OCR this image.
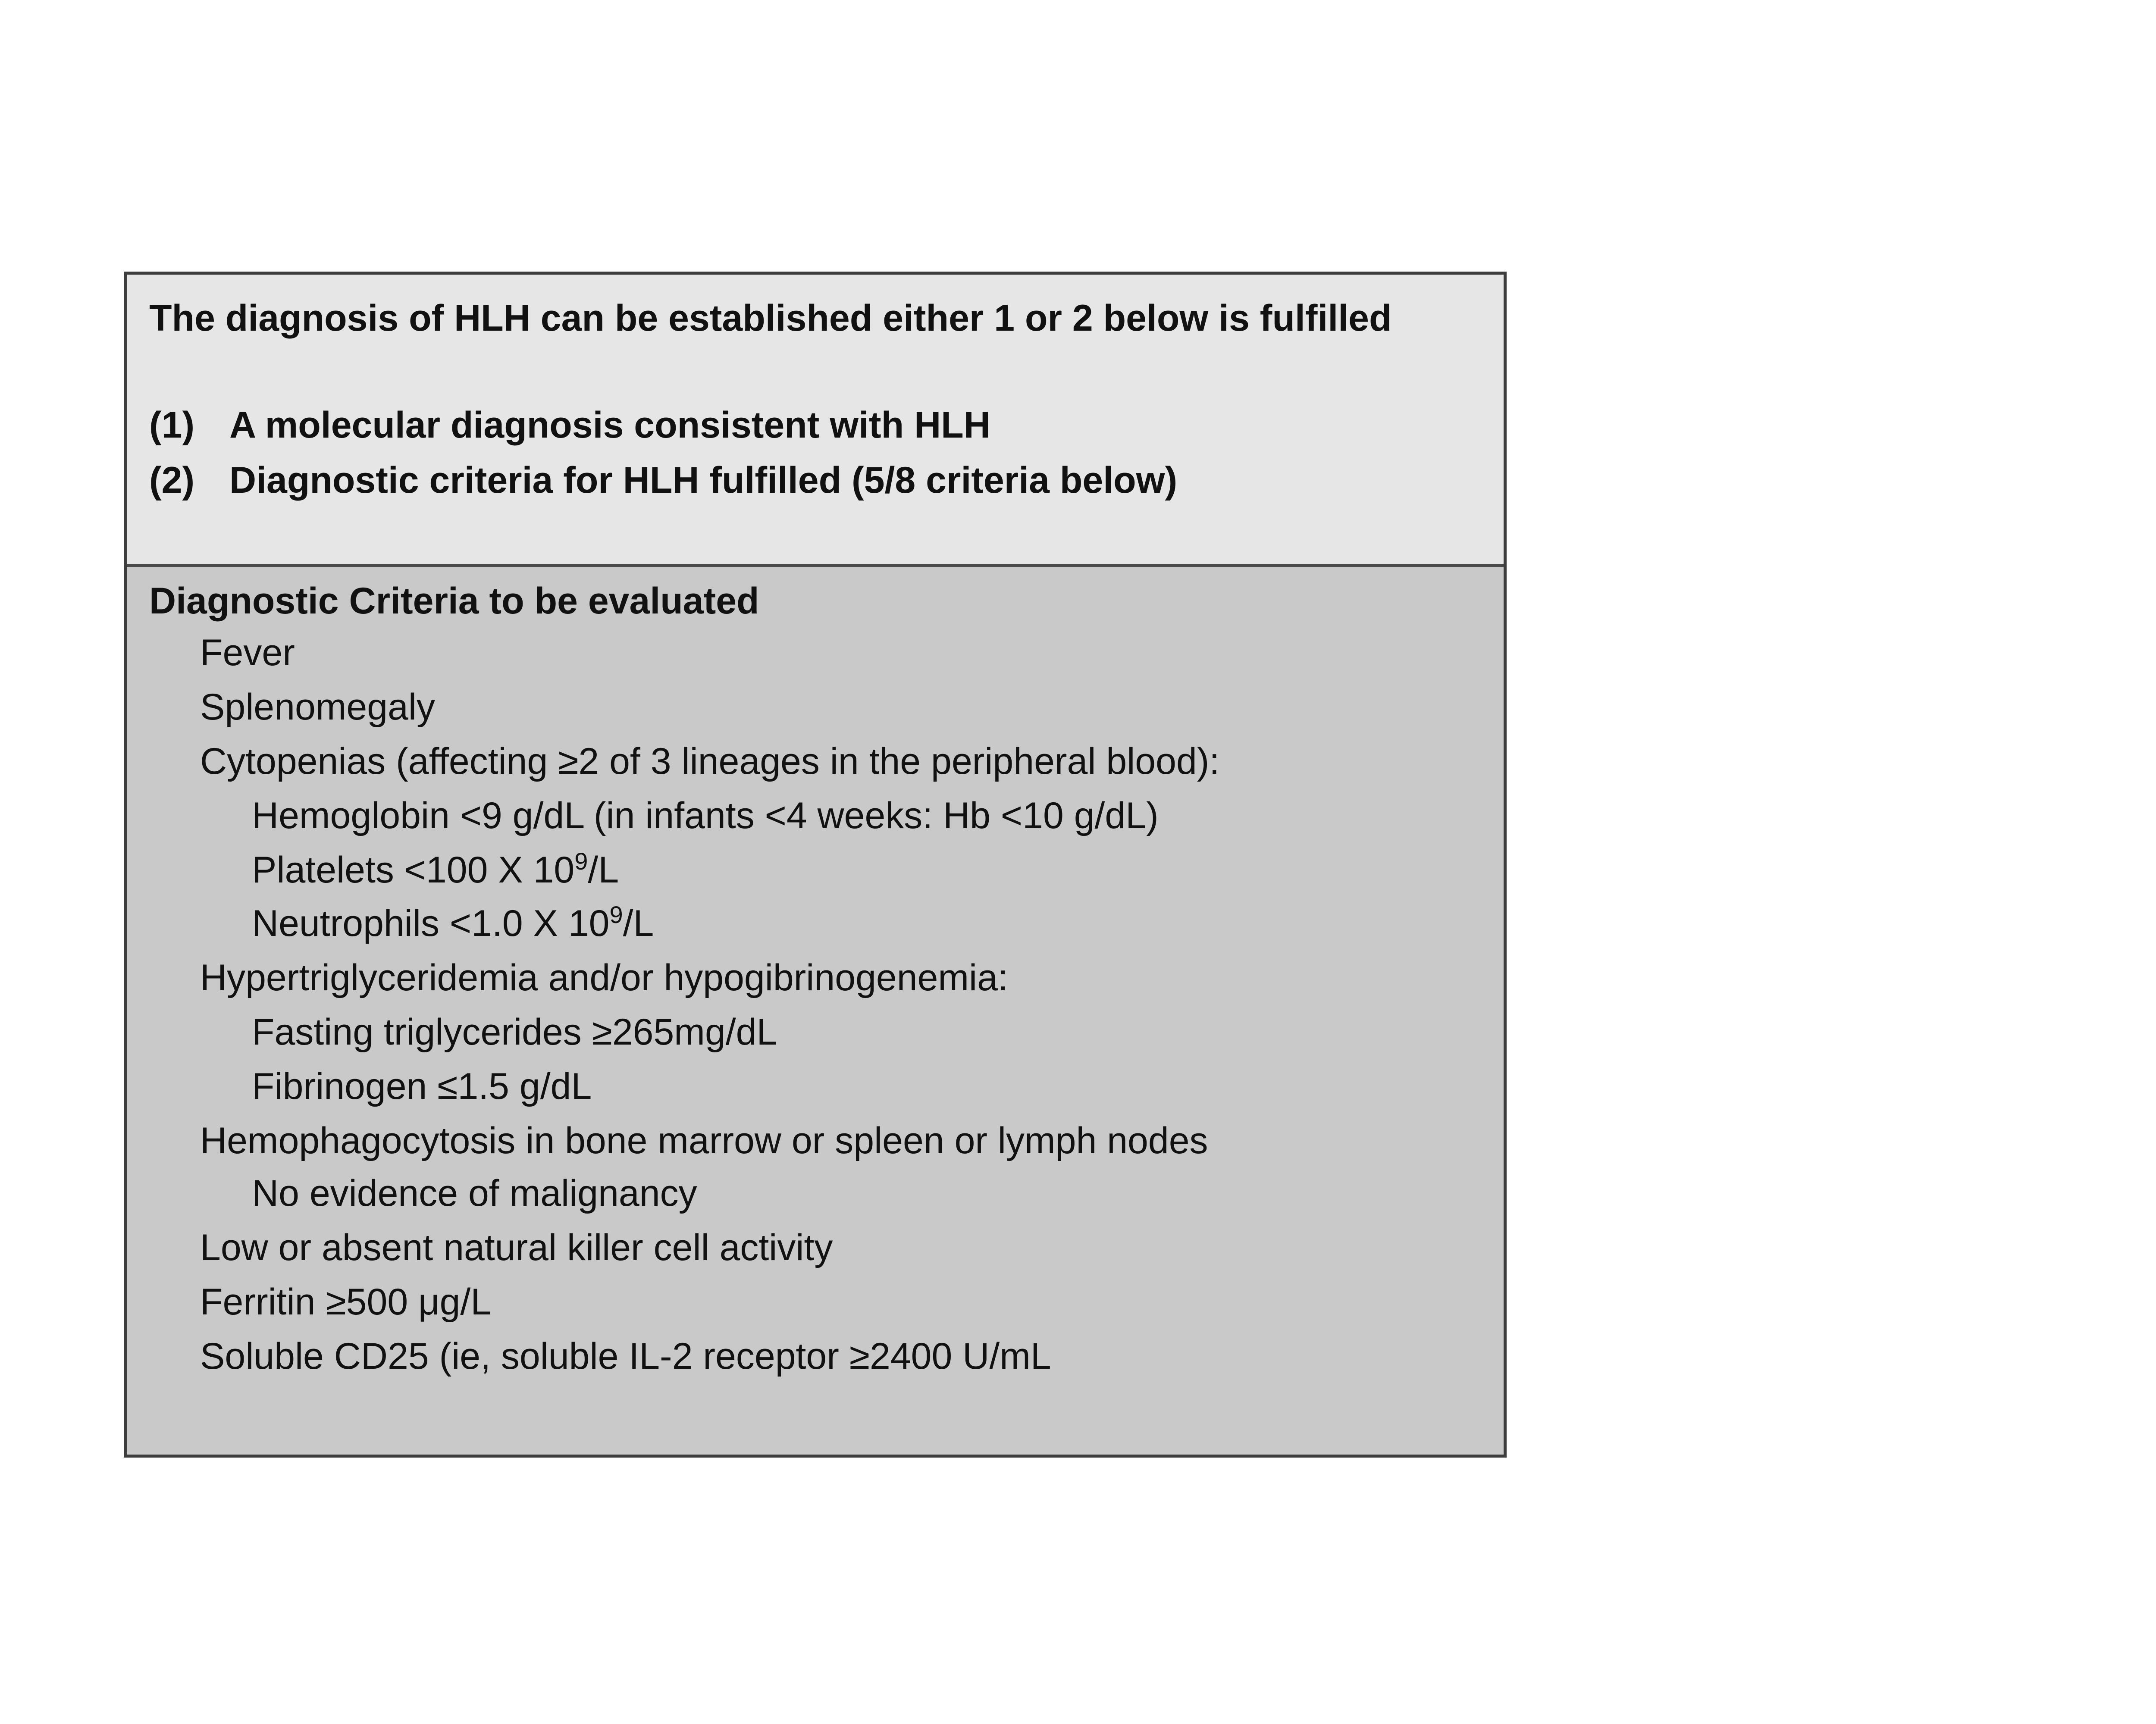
The diagnosis of HLH can be established either 1 or 2 below is fulfilled
(1) A molecular diagnosis consistent with HLH
(2) Diagnostic criteria for HLH fulfilled (5/8 criteria below)
Diagnostic Criteria to be evaluated
Fever
Splenomegaly
Cytopenias (affecting ≥2 of 3 lineages in the peripheral blood):
Hemoglobin <9 g/dL (in infants <4 weeks: Hb <10 g/dL)
Platelets <100 X $10^9/L$
Neutrophils <1.0 X $10^9/L$
Hypertriglyceridemia and/or hypogibrinogenemia:
Fasting triglycerides ≥265mg/dL
Fibrinogen ≤1.5 g/dL
Hemophagocytosis in bone marrow or spleen or lymph nodes
No evidence of malignancy
Low or absent natural killer cell activity
Ferritin ≥500 μg/L
Soluble CD25 (ie, soluble IL-2 receptor ≥2400 U/mL
